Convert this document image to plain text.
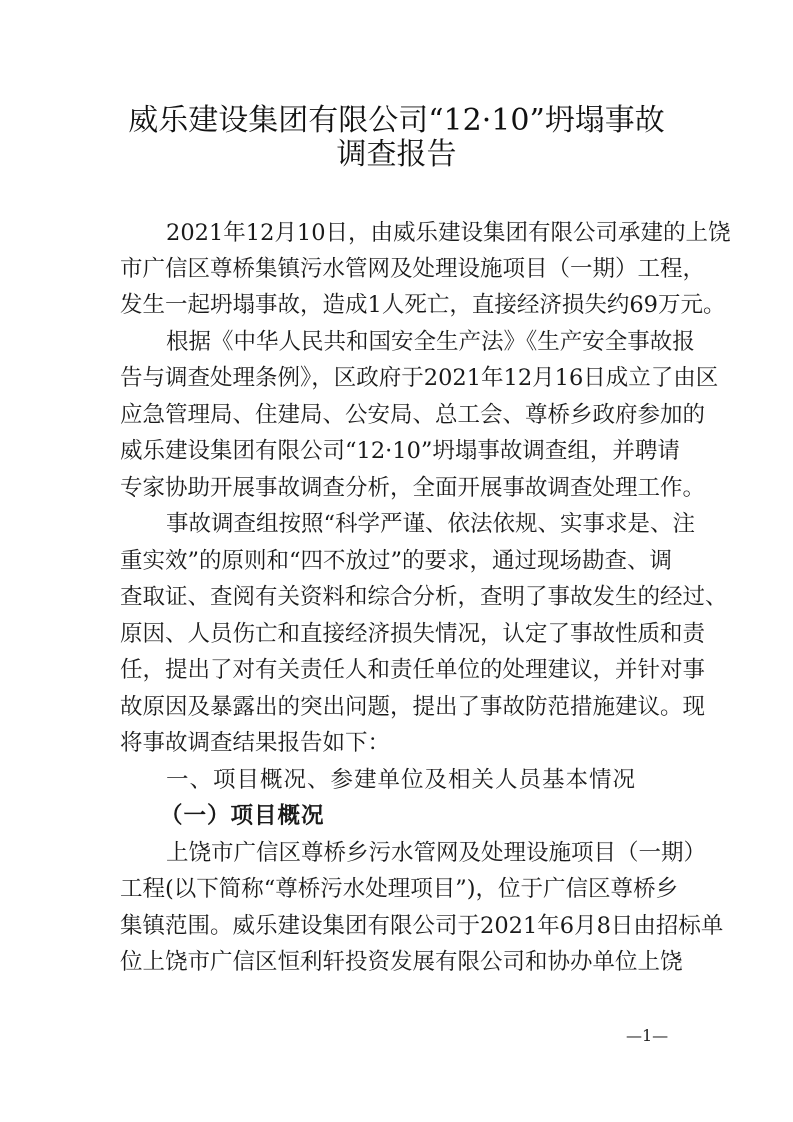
威乐建设集团有限公司“12·10”坍塌事故
调查报告
2021年12月10日，由威乐建设集团有限公司承建的上饶
市广信区尊桥集镇污水管网及处理设施项目（一期）工程，
发生一起坍塌事故，造成1人死亡，直接经济损失约69万元。
根据《中华人民共和国安全生产法》《生产安全事故报
告与调查处理条例》，区政府于2021年12月16日成立了由区
应急管理局、住建局、公安局、总工会、尊桥乡政府参加的
威乐建设集团有限公司“12·10”坍塌事故调查组，并聘请
专家协助开展事故调查分析，全面开展事故调查处理工作。
事故调查组按照“科学严谨、依法依规、实事求是、注
重实效”的原则和“四不放过”的要求，通过现场勘查、调
查取证、查阅有关资料和综合分析，查明了事故发生的经过、
原因、人员伤亡和直接经济损失情况，认定了事故性质和责
任，提出了对有关责任人和责任单位的处理建议，并针对事
故原因及暴露出的突出问题，提出了事故防范措施建议。现
将事故调查结果报告如下：
一、项目概况、参建单位及相关人员基本情况
（一）项目概况
上饶市广信区尊桥乡污水管网及处理设施项目（一期）
工程(以下简称“尊桥污水处理项目”)，位于广信区尊桥乡
集镇范围。威乐建设集团有限公司于2021年6月8日由招标单
位上饶市广信区恒利轩投资发展有限公司和协办单位上饶
—1—
